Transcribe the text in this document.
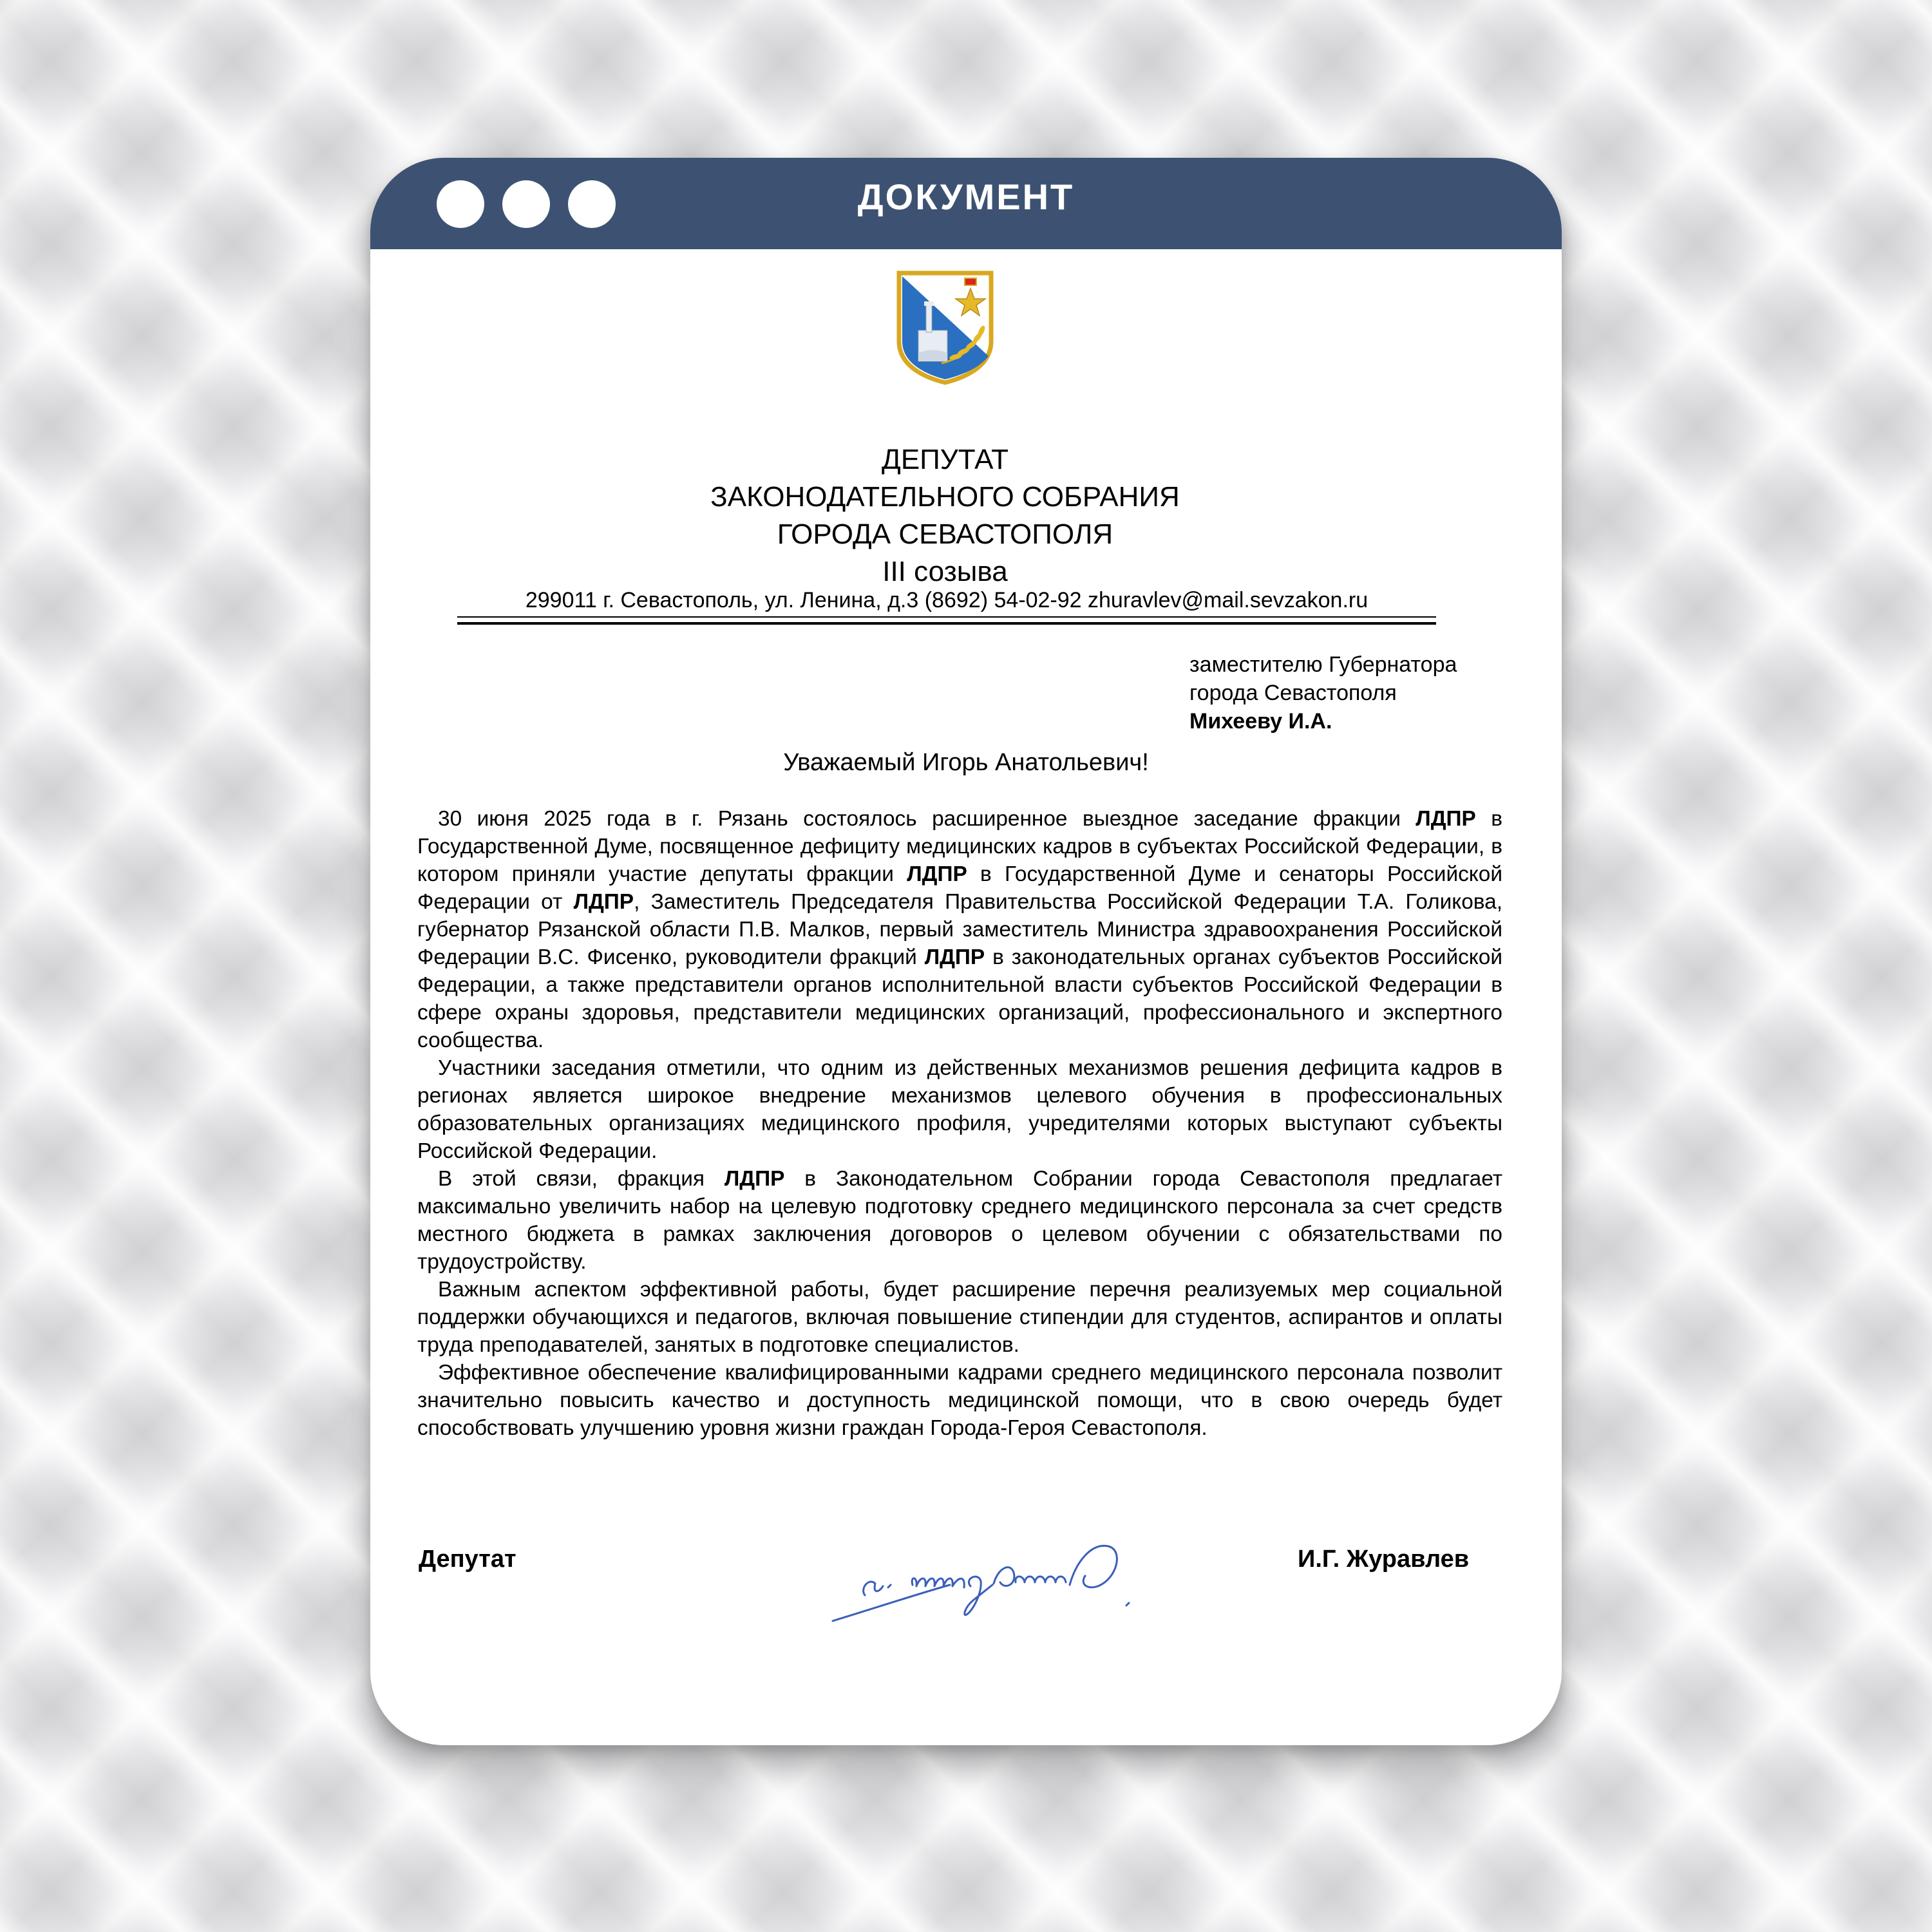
ДОКУМЕНТ
ДЕПУТАТ
ЗАКОНОДАТЕЛЬНОГО СОБРАНИЯ
ГОРОДА СЕВАСТОПОЛЯ
III созыва
299011 г. Севастополь, ул. Ленина, д.3 (8692) 54-02-92 zhuravlev@mail.sevzakon.ru
заместителю Губернатора
города Севастополя
Михееву И.А.
Уважаемый Игорь Анатольевич!

30 июня 2025 года в г. Рязань состоялось расширенное выездное заседание фракции ЛДПР в Государственной Думе, посвященное дефициту медицинских кадров в субъектах Российской Федерации, в котором приняли участие депутаты фракции ЛДПР в Государственной Думе и сенаторы Российской Федерации от ЛДПР, Заместитель Председателя Правительства Российской Федерации Т.А. Голикова, губернатор Рязанской области П.В. Малков, первый заместитель Министра здравоохранения Российской Федерации В.С. Фисенко, руководители фракций ЛДПР в законодательных органах субъектов Российской Федерации, а также представители органов исполнительной власти субъектов Российской Федерации в сфере охраны здоровья, представители медицинских организаций, профессионального и экспертного сообщества.

Участники заседания отметили, что одним из действенных механизмов решения дефицита кадров в регионах является широкое внедрение механизмов целевого обучения в профессиональных образовательных организациях медицинского профиля, учредителями которых выступают субъекты Российской Федерации.

В этой связи, фракция ЛДПР в Законодательном Собрании города Севастополя предлагает максимально увеличить набор на целевую подготовку среднего медицинского персонала за счет средств местного бюджета в рамках заключения договоров о целевом обучении с обязательствами по трудоустройству.

Важным аспектом эффективной работы, будет расширение перечня реализуемых мер социальной поддержки обучающихся и педагогов, включая повышение стипендии для студентов, аспирантов и оплаты труда преподавателей, занятых в подготовке специалистов.

Эффективное обеспечение квалифицированными кадрами среднего медицинского персонала позволит значительно повысить качество и доступность медицинской помощи, что в свою очередь будет способствовать улучшению уровня жизни граждан Города-Героя Севастополя.

Депутат	И.Г. Журавлев
